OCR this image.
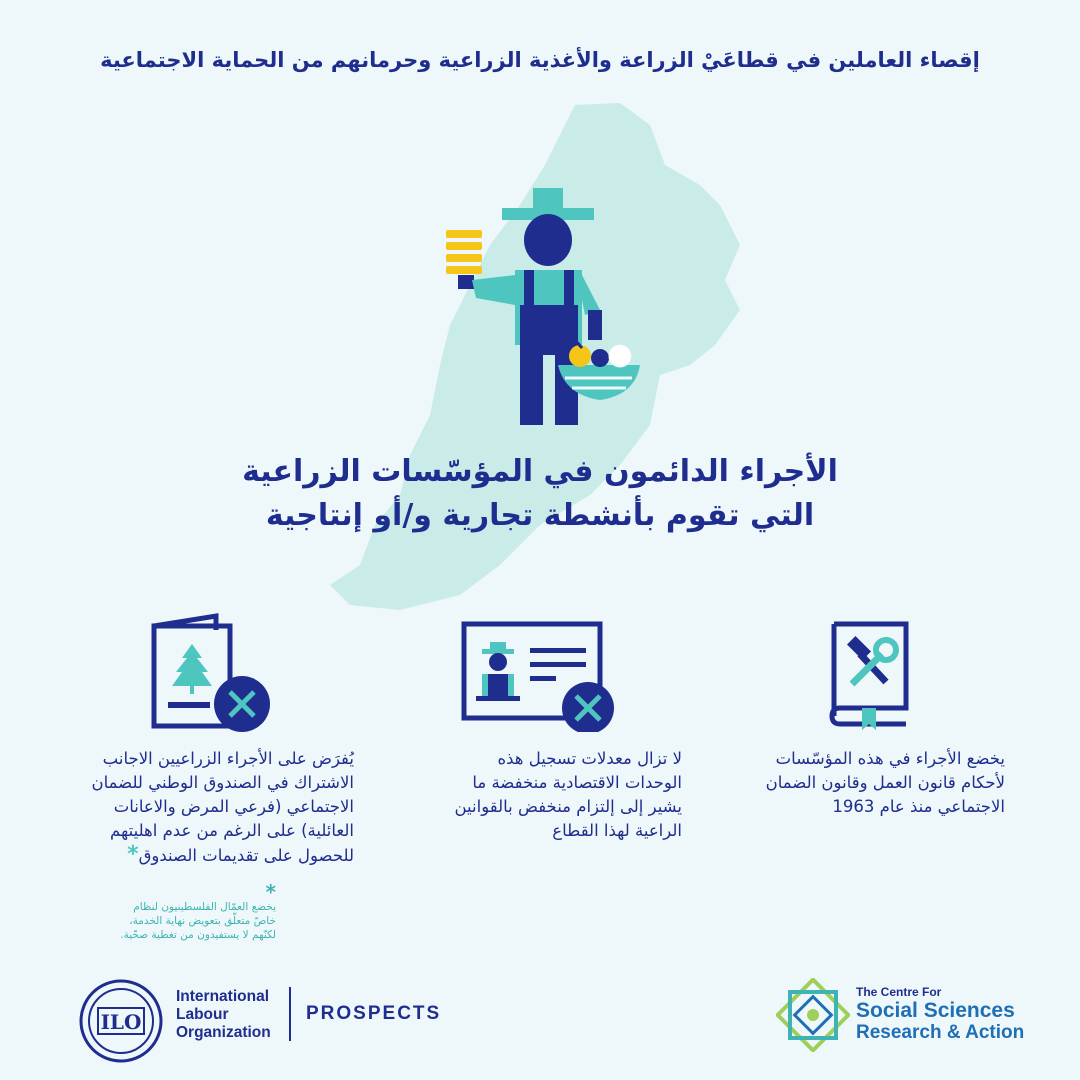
إقصاء العاملين في قطاعَيْ الزراعة والأغذية الزراعية وحرمانهم من الحماية الاجتماعية
الأجراء الدائمون في المؤسّسات الزراعية
التي تقوم بأنشطة تجارية و/أو إنتاجية
يخضع الأجراء في هذه المؤسّسات
لأحكام قانون العمل وقانون الضمان
الاجتماعي منذ عام 1963
لا تزال معدلات تسجيل هذه
الوحدات الاقتصادية منخفضة ما
يشير إلى إلتزام منخفض بالقوانين
الراعية لهذا القطاع
يُفرَض على الأجراء الزراعيين الاجانب
الاشتراك في الصندوق الوطني للضمان
الاجتماعي (فرعي المرض والاعانات
العائلية) على الرغم من عدم اهليتهم
للحصول على تقديمات الصندوق*
*
يخضع العمّال الفلسطينيون لنظام
خاصّ متعلّق بتعويض نهاية الخدمة،
لكنّهم لا يستفيدون من تغطية صحّية.
ILO
International
Labour
Organization
PROSPECTS
The Centre For
Social Sciences
Research & Action
